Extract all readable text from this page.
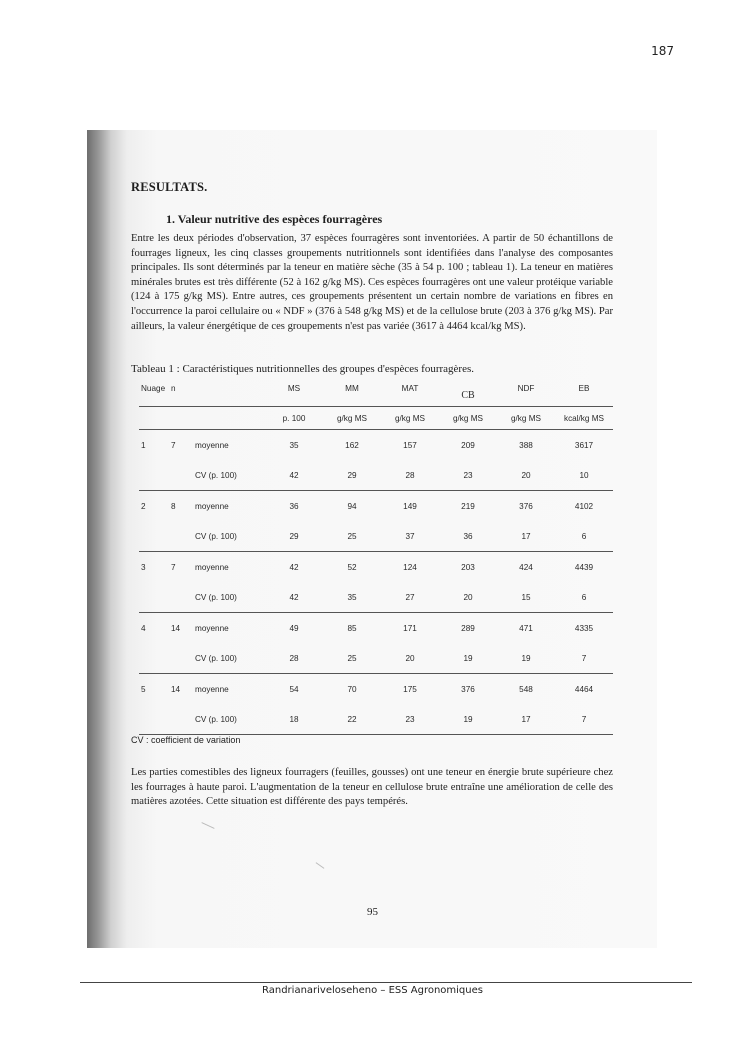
187
RESULTATS.
1. Valeur nutritive des espèces fourragères
Entre les deux périodes d'observation, 37 espèces fourragères sont inventoriées. A partir de 50 échantillons de fourrages ligneux, les cinq classes groupements nutritionnels sont identifiées dans l'analyse des composantes principales. Ils sont déterminés par la teneur en matière sèche (35 à 54 p. 100 ; tableau 1). La teneur en matières minérales brutes est très différente (52 à 162 g/kg MS). Ces espèces fourragères ont une valeur protéique variable (124 à 175 g/kg MS). Entre autres, ces groupements présentent un certain nombre de variations en fibres en l'occurrence la paroi cellulaire ou « NDF » (376 à 548 g/kg MS) et de la cellulose brute (203 à 376 g/kg MS). Par ailleurs, la valeur énergétique de ces groupements n'est pas variée (3617 à 4464 kcal/kg MS).
Tableau 1 : Caractéristiques nutritionnelles des groupes d'espèces fourragères.
Nuage	n		MS	MM	MAT	CB	NDF	EB
			p. 100	g/kg MS	g/kg MS	g/kg MS	g/kg MS	kcal/kg MS
1	7	moyenne	35	162	157	209	388	3617
		CV (p. 100)	42	29	28	23	20	10
2	8	moyenne	36	94	149	219	376	4102
		CV (p. 100)	29	25	37	36	17	6
3	7	moyenne	42	52	124	203	424	4439
		CV (p. 100)	42	35	27	20	15	6
4	14	moyenne	49	85	171	289	471	4335
		CV (p. 100)	28	25	20	19	19	7
5	14	moyenne	54	70	175	376	548	4464
		CV (p. 100)	18	22	23	19	17	7
CV : coefficient de variation
Les parties comestibles des ligneux fourragers (feuilles, gousses) ont une teneur en énergie brute supérieure chez les fourrages à haute paroi. L'augmentation de la teneur en cellulose brute entraîne une amélioration de celle des matières azotées. Cette situation est différente des pays tempérés.
95
Randrianariveloseheno – ESS Agronomiques
